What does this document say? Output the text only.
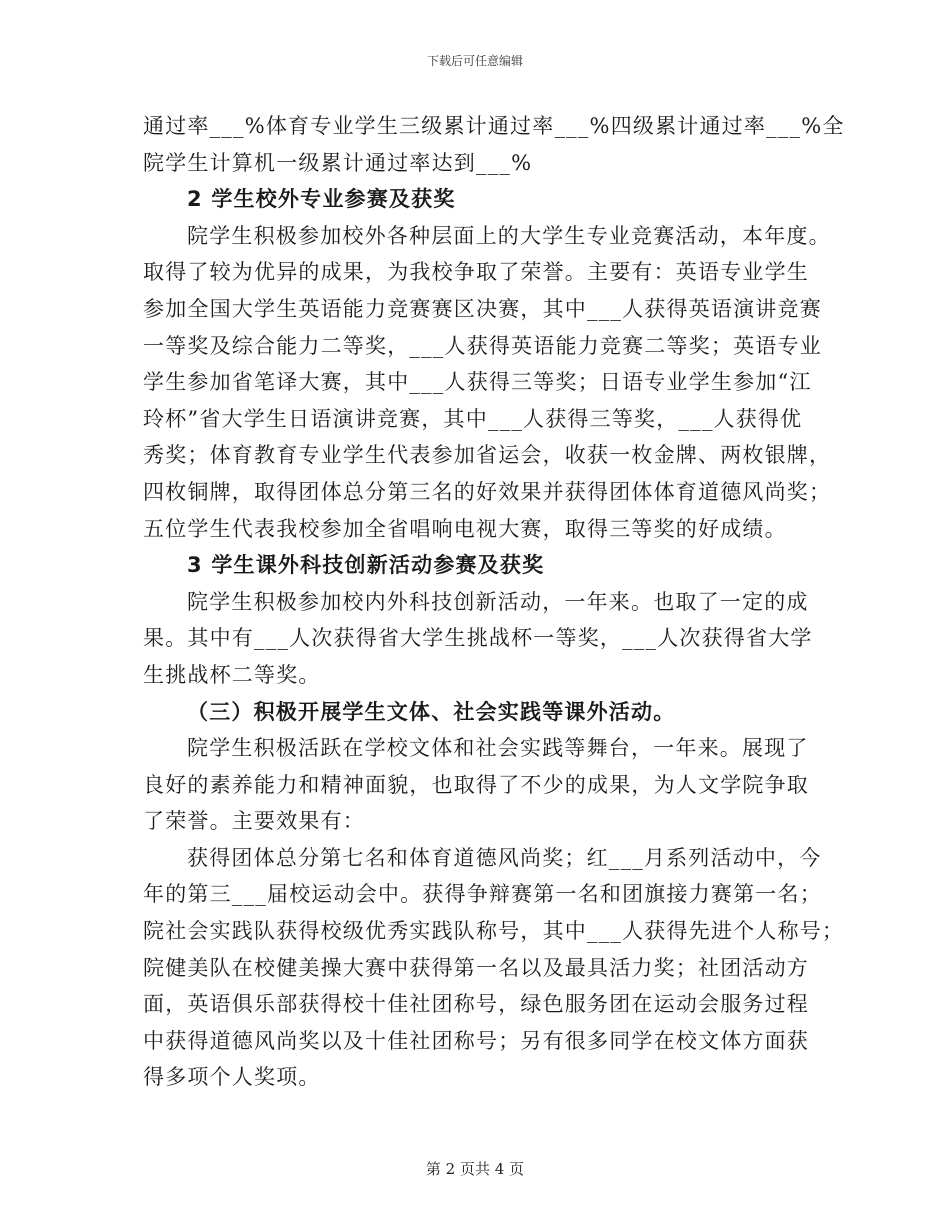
下载后可任意编辑
通过率___%体育专业学生三级累计通过率___%四级累计通过率___%全
院学生计算机一级累计通过率达到___%
2 学生校外专业参赛及获奖
院学生积极参加校外各种层面上的大学生专业竞赛活动，本年度。
取得了较为优异的成果，为我校争取了荣誉。主要有：英语专业学生
参加全国大学生英语能力竞赛赛区决赛，其中___人获得英语演讲竞赛
一等奖及综合能力二等奖，___人获得英语能力竞赛二等奖；英语专业
学生参加省笔译大赛，其中___人获得三等奖；日语专业学生参加“江
玲杯”省大学生日语演讲竞赛，其中___人获得三等奖，___人获得优
秀奖；体育教育专业学生代表参加省运会，收获一枚金牌、两枚银牌，
四枚铜牌，取得团体总分第三名的好效果并获得团体体育道德风尚奖；
五位学生代表我校参加全省唱响电视大赛，取得三等奖的好成绩。
3 学生课外科技创新活动参赛及获奖
院学生积极参加校内外科技创新活动，一年来。也取了一定的成
果。其中有___人次获得省大学生挑战杯一等奖，___人次获得省大学
生挑战杯二等奖。
（三）积极开展学生文体、社会实践等课外活动。
院学生积极活跃在学校文体和社会实践等舞台，一年来。展现了
良好的素养能力和精神面貌，也取得了不少的成果，为人文学院争取
了荣誉。主要效果有：
获得团体总分第七名和体育道德风尚奖；红___月系列活动中，今
年的第三___届校运动会中。获得争辩赛第一名和团旗接力赛第一名；
院社会实践队获得校级优秀实践队称号，其中___人获得先进个人称号；
院健美队在校健美操大赛中获得第一名以及最具活力奖；社团活动方
面，英语俱乐部获得校十佳社团称号，绿色服务团在运动会服务过程
中获得道德风尚奖以及十佳社团称号；另有很多同学在校文体方面获
得多项个人奖项。
第 2 页共 4 页
